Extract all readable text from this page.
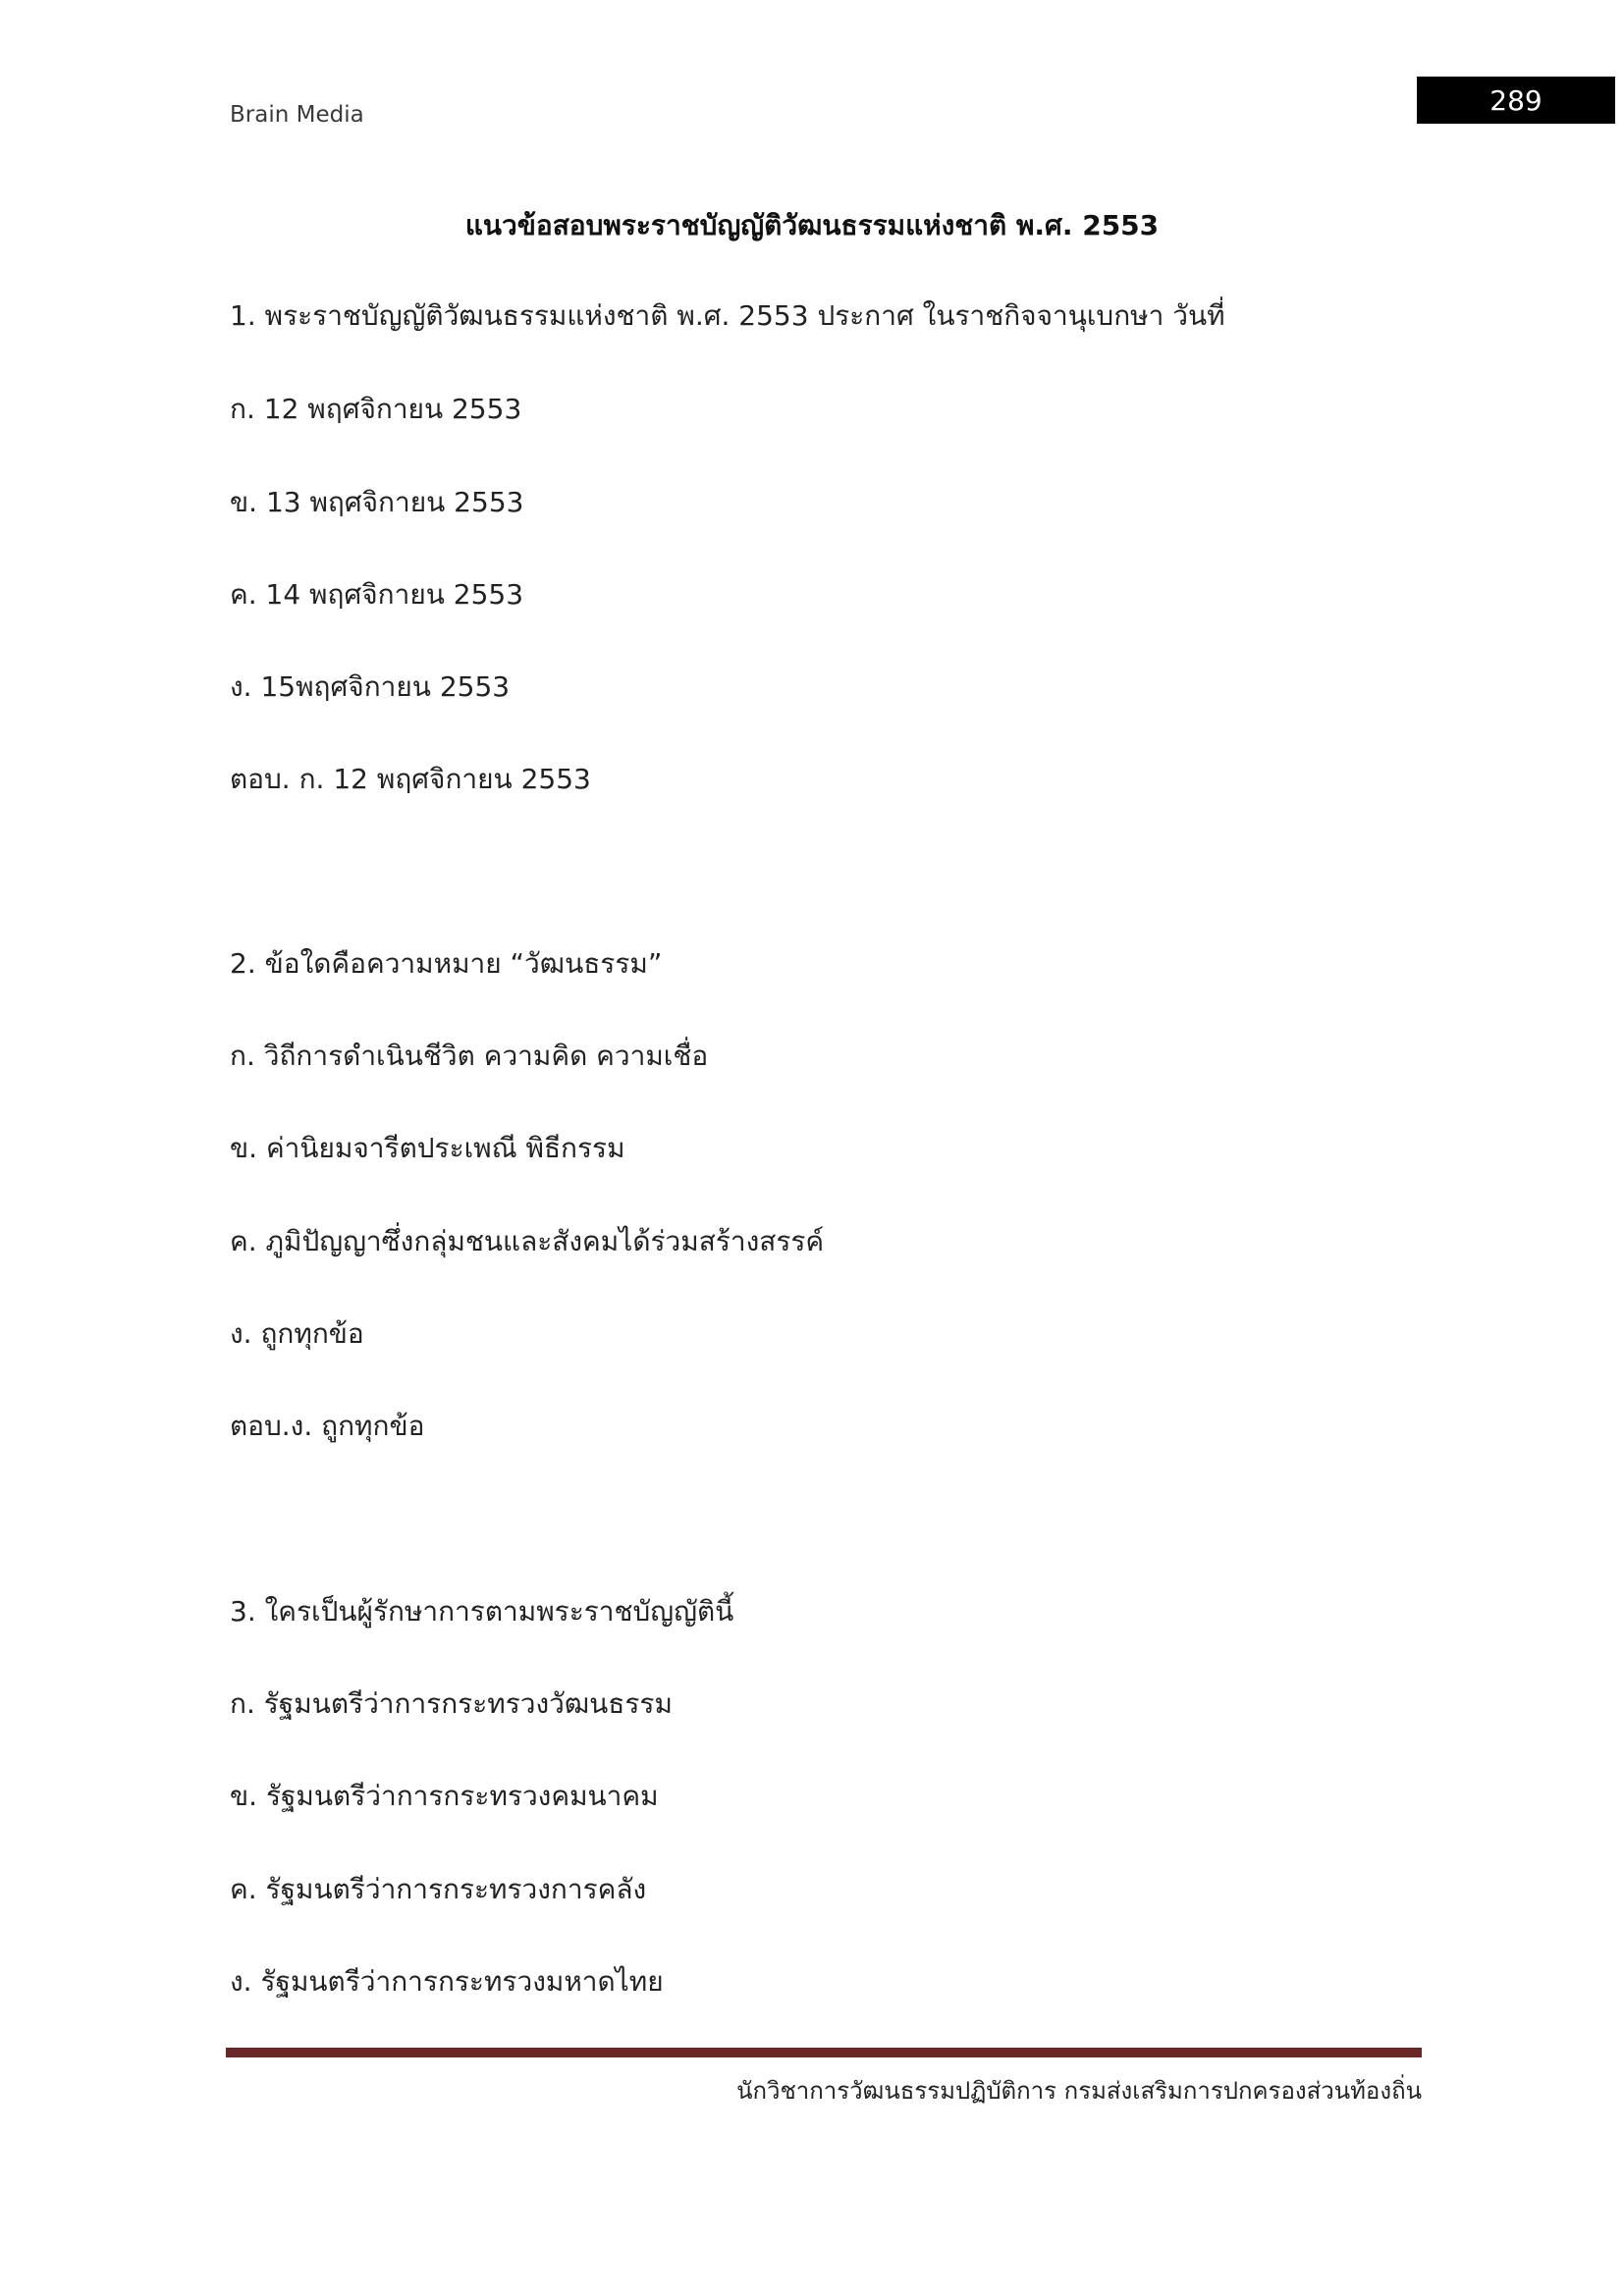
Brain Media	289
แนวข้อสอบพระราชบัญญัติวัฒนธรรมแห่งชาติ พ.ศ. 2553
1. พระราชบัญญัติวัฒนธรรมแห่งชาติ พ.ศ. 2553 ประกาศ ในราชกิจจานุเบกษา วันที่
ก. 12 พฤศจิกายน 2553
ข. 13 พฤศจิกายน 2553
ค. 14 พฤศจิกายน 2553
ง. 15พฤศจิกายน 2553
ตอบ. ก. 12 พฤศจิกายน 2553
2. ข้อใดคือความหมาย “วัฒนธรรม”
ก. วิถีการดำเนินชีวิต ความคิด ความเชื่อ
ข. ค่านิยมจารีตประเพณี พิธีกรรม
ค. ภูมิปัญญาซึ่งกลุ่มชนและสังคมได้ร่วมสร้างสรรค์
ง. ถูกทุกข้อ
ตอบ.ง. ถูกทุกข้อ
3. ใครเป็นผู้รักษาการตามพระราชบัญญัตินี้
ก. รัฐมนตรีว่าการกระทรวงวัฒนธรรม
ข. รัฐมนตรีว่าการกระทรวงคมนาคม
ค. รัฐมนตรีว่าการกระทรวงการคลัง
ง. รัฐมนตรีว่าการกระทรวงมหาดไทย
นักวิชาการวัฒนธรรมปฏิบัติการ กรมส่งเสริมการปกครองส่วนท้องถิ่น
